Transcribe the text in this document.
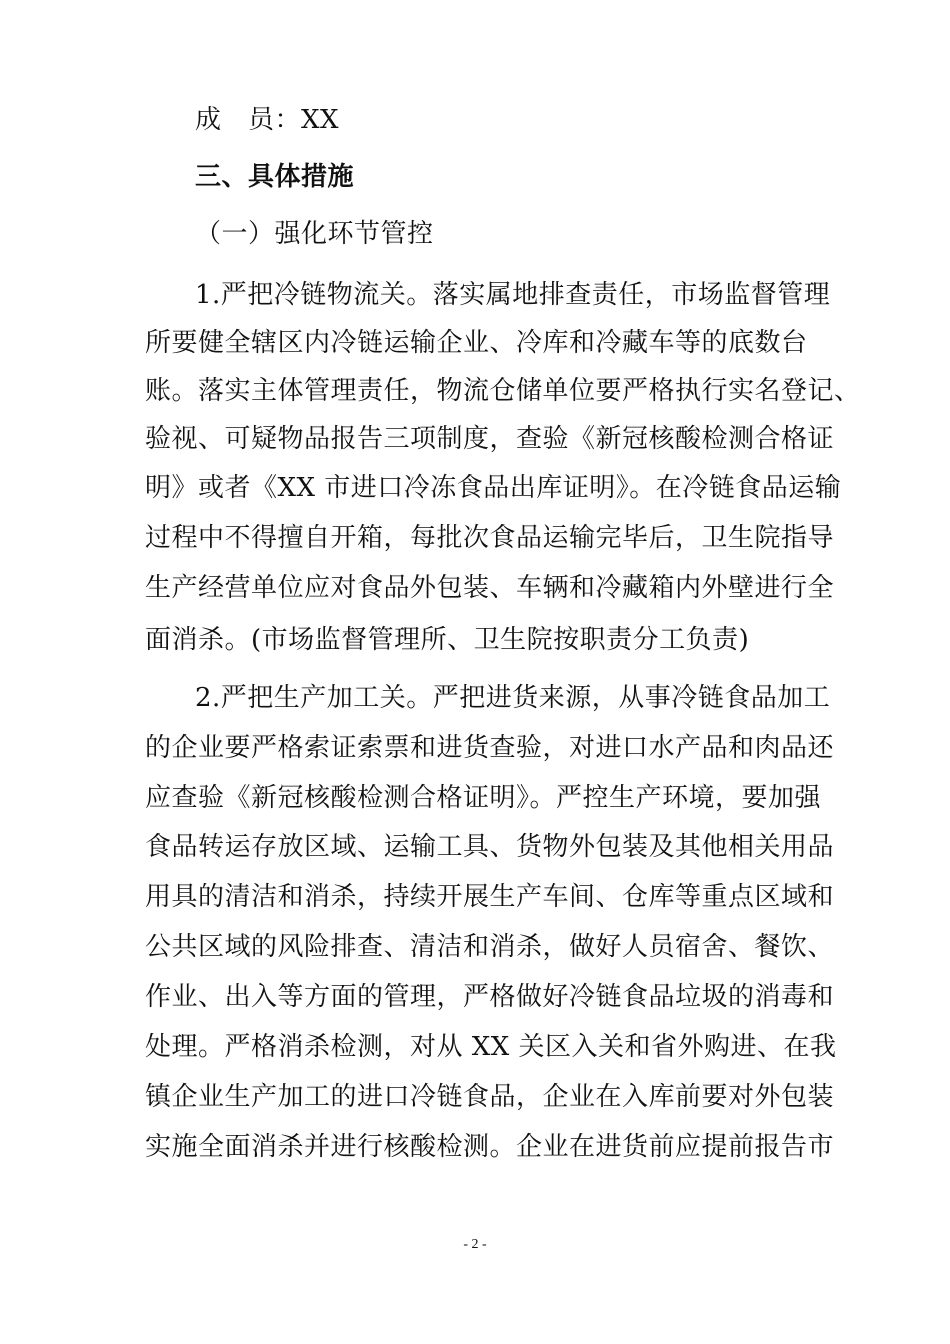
成　员：XX
三、具体措施
（一）强化环节管控
1.严把冷链物流关。落实属地排查责任，市场监督管理
所要健全辖区内冷链运输企业、冷库和冷藏车等的底数台
账。落实主体管理责任，物流仓储单位要严格执行实名登记、
验视、可疑物品报告三项制度，查验《新冠核酸检测合格证
明》或者《XX 市进口冷冻食品出库证明》。在冷链食品运输
过程中不得擅自开箱，每批次食品运输完毕后，卫生院指导
生产经营单位应对食品外包装、车辆和冷藏箱内外壁进行全
面消杀。(市场监督管理所、卫生院按职责分工负责)
2.严把生产加工关。严把进货来源，从事冷链食品加工
的企业要严格索证索票和进货查验，对进口水产品和肉品还
应查验《新冠核酸检测合格证明》。严控生产环境，要加强
食品转运存放区域、运输工具、货物外包装及其他相关用品
用具的清洁和消杀，持续开展生产车间、仓库等重点区域和
公共区域的风险排查、清洁和消杀，做好人员宿舍、餐饮、
作业、出入等方面的管理，严格做好冷链食品垃圾的消毒和
处理。严格消杀检测，对从 XX 关区入关和省外购进、在我
镇企业生产加工的进口冷链食品，企业在入库前要对外包装
实施全面消杀并进行核酸检测。企业在进货前应提前报告市
- 2 -
